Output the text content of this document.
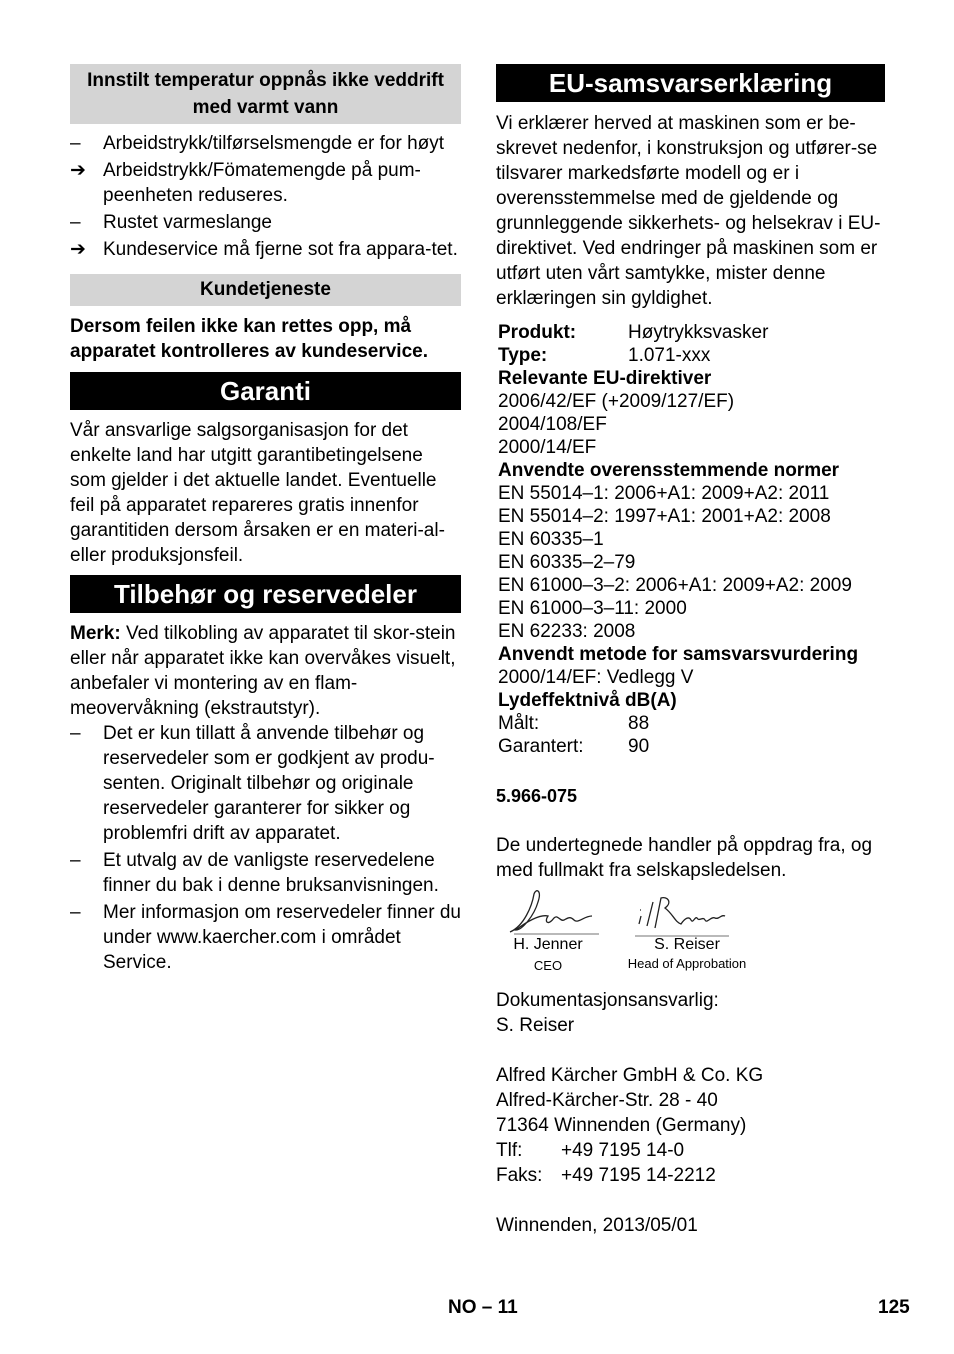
Innstilt temperatur oppnås ikke veddrift med varmt vann
–	Arbeidstrykk/tilførselsmengde er for høyt
➔ Arbeidstrykk/Fömatemengde på pum-peenheten reduseres.
–	Rustet varmeslange
➔ Kundeservice må fjerne sot fra appara-tet.
Kundetjeneste

Dersom feilen ikke kan rettes opp, må apparatet kontrolleres av kundeservice.

Garanti

Vår ansvarlige salgsorganisasjon for det enkelte land har utgitt garantibetingelsene som gjelder i det aktuelle landet. Eventuelle feil på apparatet repareres gratis innenfor garantitiden dersom årsaken er en materi-al- eller produksjonsfeil.

Tilbehør og reservedeler

Merk: Ved tilkobling av apparatet til skor-stein eller når apparatet ikke kan overvåkes visuelt, anbefaler vi montering av en flam-meovervåkning (ekstrautstyr).

–	Det er kun tillatt å anvende tilbehør og reservedeler som er godkjent av produ-senten. Originalt tilbehør og originale reservedeler garanterer for sikker og problemfri drift av apparatet.
–	Et utvalg av de vanligste reservedelene finner du bak i denne bruksanvisningen.
–	Mer informasjon om reservedeler finner du under www.kaercher.com i området Service.
EU-samsvarserklæring

Vi erklærer herved at maskinen som er be-skrevet nedenfor, i konstruksjon og utfører-se tilsvarer markedsførte modell og er i overensstemmelse med de gjeldende og grunnleggende sikkerhets- og helsekrav i EU-direktivet. Ved endringer på maskinen som er utført uten vårt samtykke, mister denne erklæringen sin gyldighet.

Produkt:	Høytrykksvasker
Type:	1.071-xxx
Relevante EU-direktiver
2006/42/EF (+2009/127/EF)
2004/108/EF
2000/14/EF
Anvendte overensstemmende normer
EN 55014–1: 2006+A1: 2009+A2: 2011
EN 55014–2: 1997+A1: 2001+A2: 2008
EN 60335–1
EN 60335–2–79
EN 61000–3–2: 2006+A1: 2009+A2: 2009
EN 61000–3–11: 2000
EN 62233: 2008
Anvendt metode for samsvarsvurdering
2000/14/EF: Vedlegg V
Lydeffektnivå dB(A)
Målt:	88
Garantert:	90
5.966-075

De undertegnede handler på oppdrag fra, og med fullmakt fra selskapsledelsen.

H. Jenner
CEO
S. Reiser
Head of Approbation

Dokumentasjonsansvarlig:

S. Reiser

Alfred Kärcher GmbH & Co. KG

Alfred-Kärcher-Str. 28 - 40

71364 Winnenden (Germany)

Tlf: +49 7195 14-0

Faks: +49 7195 14-2212

Winnenden, 2013/05/01

NO – 11	125
